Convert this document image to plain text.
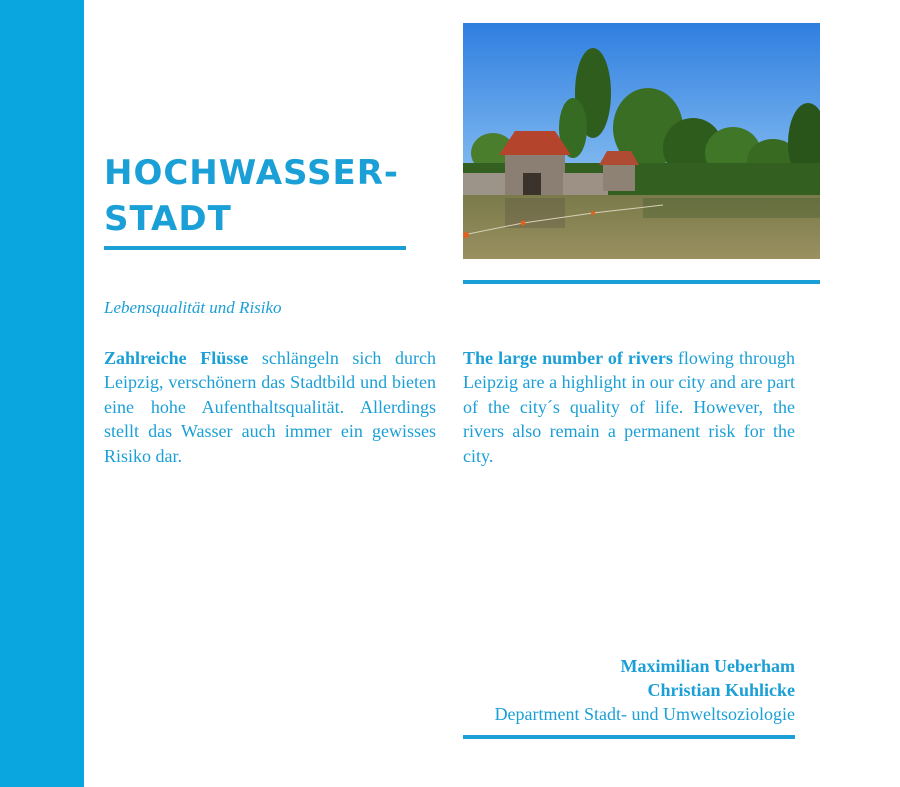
HOCHWASSER-
STADT

Lebensqualität und Risiko

Zahlreiche Flüsse schlängeln sich durch Leipzig, verschönern das Stadtbild und bieten eine hohe Aufenthaltsqualität. Allerdings stellt das Wasser auch immer ein gewisses Risiko dar.

The large number of rivers flowing through Leipzig are a highlight in our city and are part of the city´s quality of life. However, the rivers also remain a permanent risk for the city.

Maximilian Ueberham
Christian Kuhlicke
Department Stadt- und Umweltsoziologie
